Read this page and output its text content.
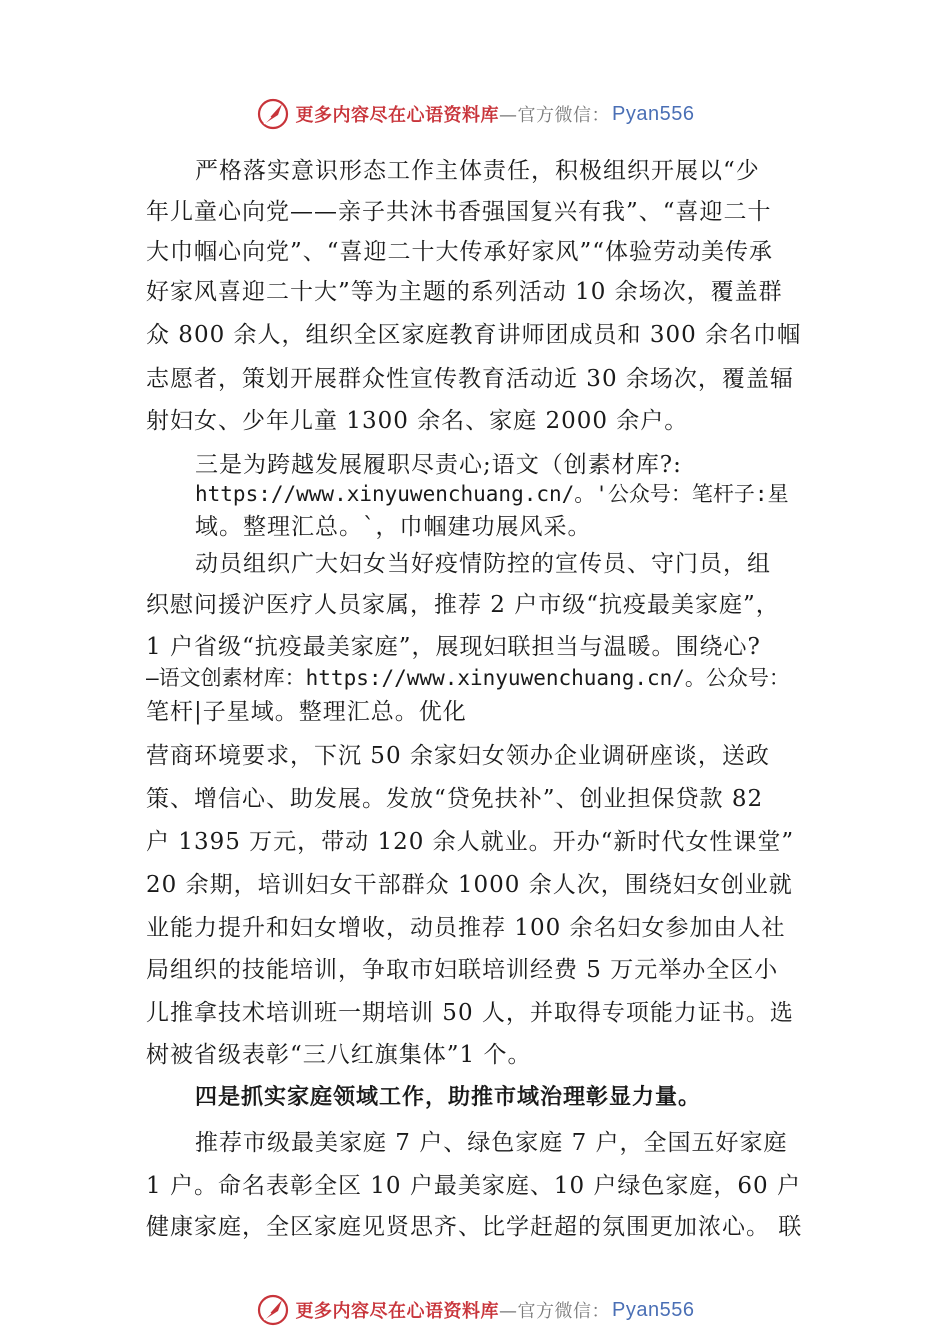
更多内容尽在心语资料库 —官方微信： Pyan556
严格落实意识形态工作主体责任，积极组织开展以“少
年儿童心向党——亲子共沐书香强国复兴有我”、“喜迎二十
大巾帼心向党”、“喜迎二十大传承好家风”“体验劳动美传承
好家风喜迎二十大”等为主题的系列活动 10 余场次，覆盖群
众 800 余人，组织全区家庭教育讲师团成员和 300 余名巾帼
志愿者，策划开展群众性宣传教育活动近 30 余场次，覆盖辐
射妇女、少年儿童 1300 余名、家庭 2000 余户。
三是为跨越发展履职尽责心;语文（创素材库?:
https://www.xinyuwenchuang.cn/。'公众号：笔杆子:星
域。整理汇总。`，巾帼建功展风采。
动员组织广大妇女当好疫情防控的宣传员、守门员，组
织慰问援沪医疗人员家属，推荐 2 户市级“抗疫最美家庭”，
1 户省级“抗疫最美家庭”，展现妇联担当与温暖。围绕心?
—语文创素材库：https://www.xinyuwenchuang.cn/。公众号：
笔杆|子星域。整理汇总。优化
营商环境要求，下沉 50 余家妇女领办企业调研座谈，送政
策、增信心、助发展。发放“贷免扶补”、创业担保贷款 82
户 1395 万元，带动 120 余人就业。开办“新时代女性课堂”
20 余期，培训妇女干部群众 1000 余人次，围绕妇女创业就
业能力提升和妇女增收，动员推荐 100 余名妇女参加由人社
局组织的技能培训，争取市妇联培训经费 5 万元举办全区小
儿推拿技术培训班一期培训 50 人，并取得专项能力证书。选
树被省级表彰“三八红旗集体”1 个。
四是抓实家庭领域工作，助推市域治理彰显力量。
推荐市级最美家庭 7 户、绿色家庭 7 户，全国五好家庭
1 户。命名表彰全区 10 户最美家庭、10 户绿色家庭，60 户
健康家庭，全区家庭见贤思齐、比学赶超的氛围更加浓⼼。 联
更多内容尽在心语资料库 —官方微信： Pyan556
